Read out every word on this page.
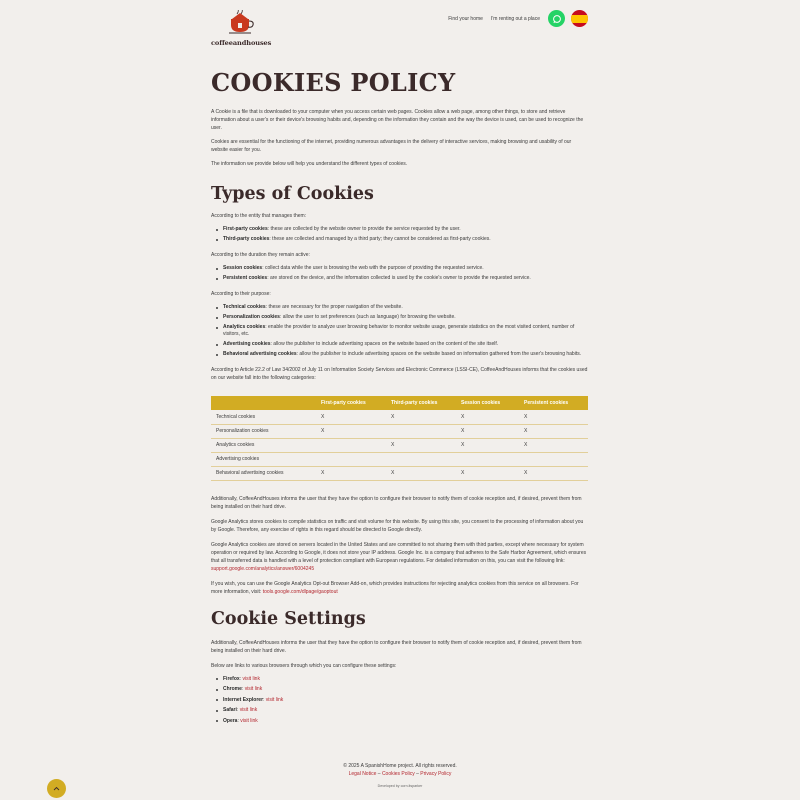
coffeeandhouses
Find your home I'm renting out a place
COOKIES POLICY

A Cookie is a file that is downloaded to your computer when you access certain web pages. Cookies allow a web page, among other things, to store and retrieve information about a user's or their device's browsing habits and, depending on the information they contain and the way the device is used, can be used to recognize the user.

Cookies are essential for the functioning of the internet, providing numerous advantages in the delivery of interactive services, making browsing and usability of our website easier for you.

The information we provide below will help you understand the different types of cookies.

Types of Cookies

According to the entity that manages them:

First-party cookies: these are collected by the website owner to provide the service requested by the user.
Third-party cookies: these are collected and managed by a third party; they cannot be considered as first-party cookies.

According to the duration they remain active:

Session cookies: collect data while the user is browsing the web with the purpose of providing the requested service.
Persistent cookies: are stored on the device, and the information collected is used by the cookie's owner to provide the requested service.

According to their purpose:

Technical cookies: these are necessary for the proper navigation of the website.
Personalization cookies: allow the user to set preferences (such as language) for browsing the website.
Analytics cookies: enable the provider to analyze user browsing behavior to monitor website usage, generate statistics on the most visited content, number of visitors, etc.
Advertising cookies: allow the publisher to include advertising spaces on the website based on the content of the site itself.
Behavioral advertising cookies: allow the publisher to include advertising spaces on the website based on information gathered from the user's browsing habits.

According to Article 22.2 of Law 34/2002 of July 11 on Information Society Services and Electronic Commerce (LSSI-CE), CoffeeAndHouses informs that the cookies used on our website fall into the following categories:

	First-party cookies	Third-party cookies	Session cookies	Persistent cookies
Technical cookies	X	X	X	X
Personalization cookies	X		X	X
Analytics cookies		X	X	X
Advertising cookies				
Behavioral advertising cookies	X	X	X	X

Additionally, CoffeeAndHouses informs the user that they have the option to configure their browser to notify them of cookie reception and, if desired, prevent them from being installed on their hard drive.

Google Analytics stores cookies to compile statistics on traffic and visit volume for this website. By using this site, you consent to the processing of information about you by Google. Therefore, any exercise of rights in this regard should be directed to Google directly.

Google Analytics cookies are stored on servers located in the United States and are committed to not sharing them with third parties, except where necessary for system operation or required by law. According to Google, it does not store your IP address. Google Inc. is a company that adheres to the Safe Harbor Agreement, which ensures that all transferred data is handled with a level of protection compliant with European regulations. For detailed information on this, you can visit the following link: support.google.com/analytics/answer/6004245

If you wish, you can use the Google Analytics Opt-out Browser Add-on, which provides instructions for rejecting analytics cookies from this service on all browsers. For more information, visit: tools.google.com/dlpage/gaoptout

Cookie Settings

Additionally, CoffeeAndHouses informs the user that they have the option to configure their browser to notify them of cookie reception and, if desired, prevent them from being installed on their hard drive.

Below are links to various browsers through which you can configure these settings:

Firefox: visit link
Chrome: visit link
Internet Explorer: visit link
Safari: visit link
Opera: visit link
© 2025 A SpanishHome project. All rights reserved.
Legal Notice – Cookies Policy – Privacy Policy
Developed by corn.itsparker
